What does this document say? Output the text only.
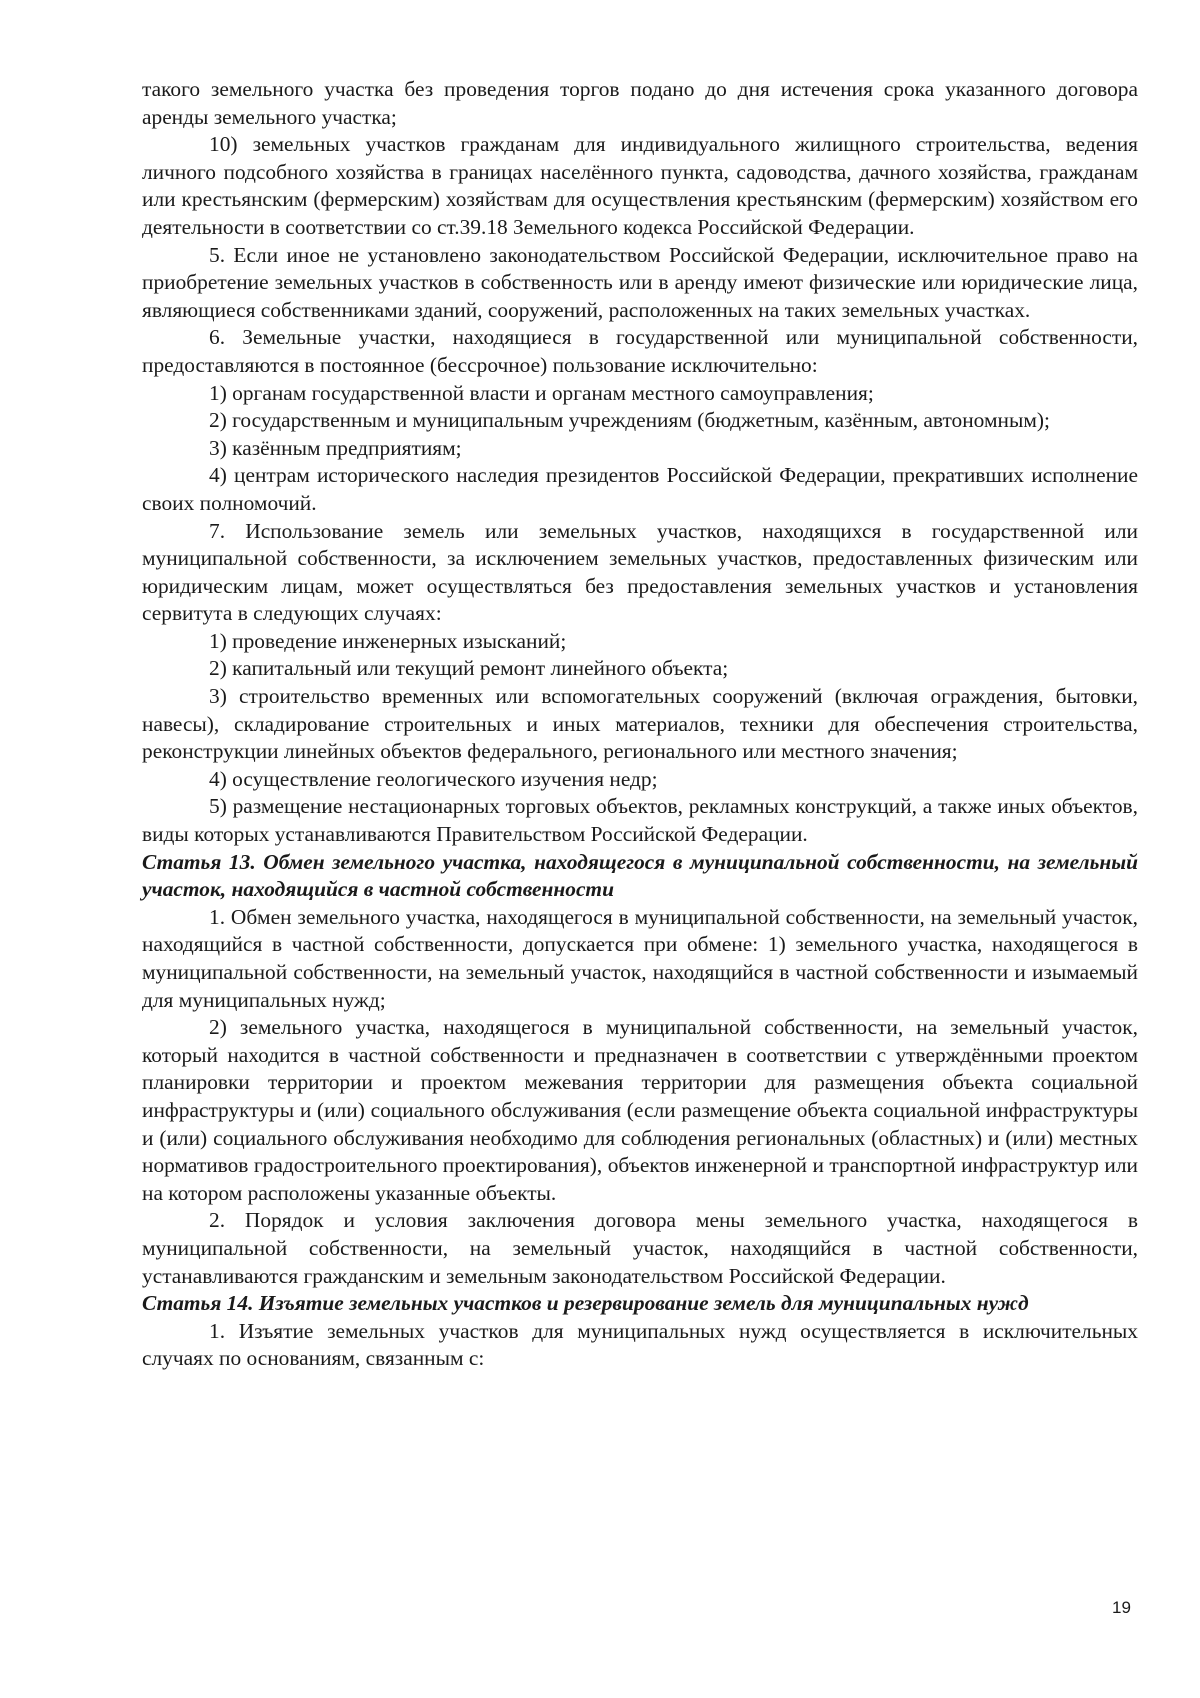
такого земельного участка без проведения торгов подано до дня истечения срока указанного договора аренды земельного участка;

10) земельных участков гражданам для индивидуального жилищного строительства, ведения личного подсобного хозяйства в границах населённого пункта, садоводства, дачного хозяйства, гражданам или крестьянским (фермерским) хозяйствам для осуществления крестьянским (фермерским) хозяйством его деятельности в соответствии со ст.39.18 Земельного кодекса Российской Федерации.

5. Если иное не установлено законодательством Российской Федерации, исключительное право на приобретение земельных участков в собственность или в аренду имеют физические или юридические лица, являющиеся собственниками зданий, сооружений, расположенных на таких земельных участках.

6. Земельные участки, находящиеся в государственной или муниципальной собственности, предоставляются в постоянное (бессрочное) пользование исключительно:

1) органам государственной власти и органам местного самоуправления;

2) государственным и муниципальным учреждениям (бюджетным, казённым, автономным);

3) казённым предприятиям;

4) центрам исторического наследия президентов Российской Федерации, прекративших исполнение своих полномочий.

7. Использование земель или земельных участков, находящихся в государственной или муниципальной собственности, за исключением земельных участков, предоставленных физическим или юридическим лицам, может осуществляться без предоставления земельных участков и установления сервитута в следующих случаях:

1) проведение инженерных изысканий;

2) капитальный или текущий ремонт линейного объекта;

3) строительство временных или вспомогательных сооружений (включая ограждения, бытовки, навесы), складирование строительных и иных материалов, техники для обеспечения строительства, реконструкции линейных объектов федерального, регионального или местного значения;

4) осуществление геологического изучения недр;

5) размещение нестационарных торговых объектов, рекламных конструкций, а также иных объектов, виды которых устанавливаются Правительством Российской Федерации.

Статья 13. Обмен земельного участка, находящегося в муниципальной собственности, на земельный участок, находящийся в частной собственности

1. Обмен земельного участка, находящегося в муниципальной собственности, на земельный участок, находящийся в частной собственности, допускается при обмене: 1) земельного участка, находящегося в муниципальной собственности, на земельный участок, находящийся в частной собственности и изымаемый для муниципальных нужд;

2) земельного участка, находящегося в муниципальной собственности, на земельный участок, который находится в частной собственности и предназначен в соответствии с утверждёнными проектом планировки территории и проектом межевания территории для размещения объекта социальной инфраструктуры и (или) социального обслуживания (если размещение объекта социальной инфраструктуры и (или) социального обслуживания необходимо для соблюдения региональных (областных) и (или) местных нормативов градостроительного проектирования), объектов инженерной и транспортной инфраструктур или на котором расположены указанные объекты.

2. Порядок и условия заключения договора мены земельного участка, находящегося в муниципальной собственности, на земельный участок, находящийся в частной собственности, устанавливаются гражданским и земельным законодательством Российской Федерации.

Статья 14. Изъятие земельных участков и резервирование земель для муниципальных нужд

1. Изъятие земельных участков для муниципальных нужд осуществляется в исключительных случаях по основаниям, связанным с:

19
